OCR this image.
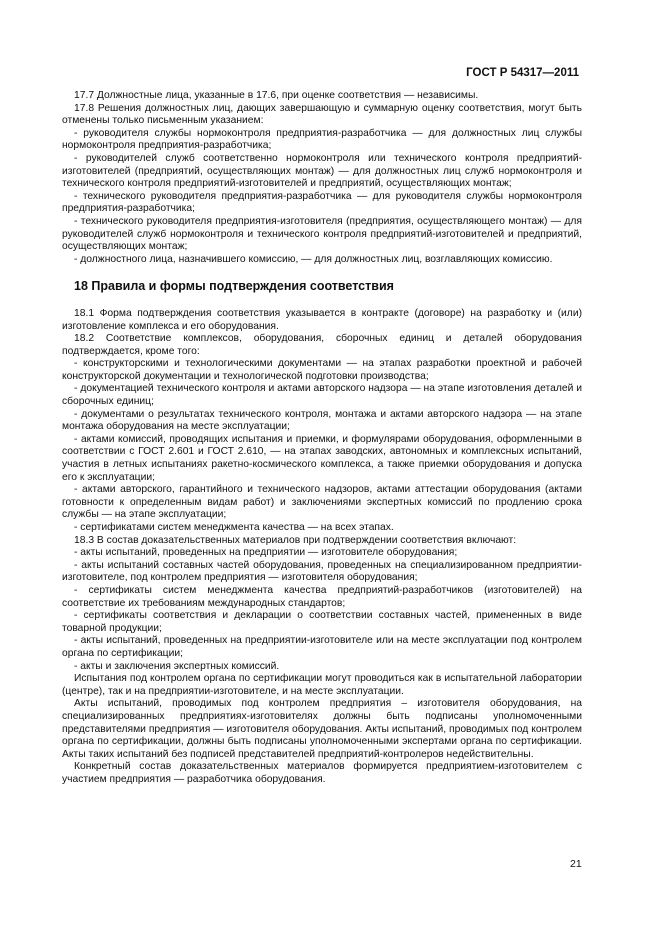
ГОСТ Р 54317—2011

17.7 Должностные лица, указанные в 17.6, при оценке соответствия — независимы.

17.8 Решения должностных лиц, дающих завершающую и суммарную оценку соответствия, могут быть отменены только письменным указанием:

- руководителя службы нормоконтроля предприятия-разработчика — для должностных лиц службы нормоконтроля предприятия-разработчика;

- руководителей служб соответственно нормоконтроля или технического контроля предприятий-изготовителей (предприятий, осуществляющих монтаж) — для должностных лиц служб нормоконтроля и технического контроля предприятий-изготовителей и предприятий, осуществляющих монтаж;

- технического руководителя предприятия-разработчика — для руководителя службы нормоконтроля предприятия-разработчика;

- технического руководителя предприятия-изготовителя (предприятия, осуществляющего монтаж) — для руководителей служб нормоконтроля и технического контроля предприятий-изготовителей и предприятий, осуществляющих монтаж;

- должностного лица, назначившего комиссию, — для должностных лиц, возглавляющих комиссию.

18 Правила и формы подтверждения соответствия

18.1 Форма подтверждения соответствия указывается в контракте (договоре) на разработку и (или) изготовление комплекса и его оборудования.

18.2 Соответствие комплексов, оборудования, сборочных единиц и деталей оборудования подтверждается, кроме того:

- конструкторскими и технологическими документами — на этапах разработки проектной и рабочей конструкторской документации и технологической подготовки производства;

- документацией технического контроля и актами авторского надзора — на этапе изготовления деталей и сборочных единиц;

- документами о результатах технического контроля, монтажа и актами авторского надзора — на этапе монтажа оборудования на месте эксплуатации;

- актами комиссий, проводящих испытания и приемки, и формулярами оборудования, оформленными в соответствии с ГОСТ 2.601 и ГОСТ 2.610, — на этапах заводских, автономных и комплексных испытаний, участия в летных испытаниях ракетно-космического комплекса, а также приемки оборудования и допуска его к эксплуатации;

- актами авторского, гарантийного и технического надзоров, актами аттестации оборудования (актами готовности к определенным видам работ) и заключениями экспертных комиссий по продлению срока службы — на этапе эксплуатации;

- сертификатами систем менеджмента качества — на всех этапах.

18.3 В состав доказательственных материалов при подтверждении соответствия включают:

- акты испытаний, проведенных на предприятии — изготовителе оборудования;

- акты испытаний составных частей оборудования, проведенных на специализированном предприятии-изготовителе, под контролем предприятия — изготовителя оборудования;

- сертификаты систем менеджмента качества предприятий-разработчиков (изготовителей) на соответствие их требованиям международных стандартов;

- сертификаты соответствия и декларации о соответствии составных частей, примененных в виде товарной продукции;

- акты испытаний, проведенных на предприятии-изготовителе или на месте эксплуатации под контролем органа по сертификации;

- акты и заключения экспертных комиссий.

Испытания под контролем органа по сертификации могут проводиться как в испытательной лаборатории (центре), так и на предприятии-изготовителе, и на месте эксплуатации.

Акты испытаний, проводимых под контролем предприятия – изготовителя оборудования, на специализированных предприятиях-изготовителях должны быть подписаны уполномоченными представителями предприятия — изготовителя оборудования. Акты испытаний, проводимых под контролем органа по сертификации, должны быть подписаны уполномоченными экспертами органа по сертификации. Акты таких испытаний без подписей представителей предприятий-контролеров недействительны.

Конкретный состав доказательственных материалов формируется предприятием-изготовителем с участием предприятия — разработчика оборудования.

21
